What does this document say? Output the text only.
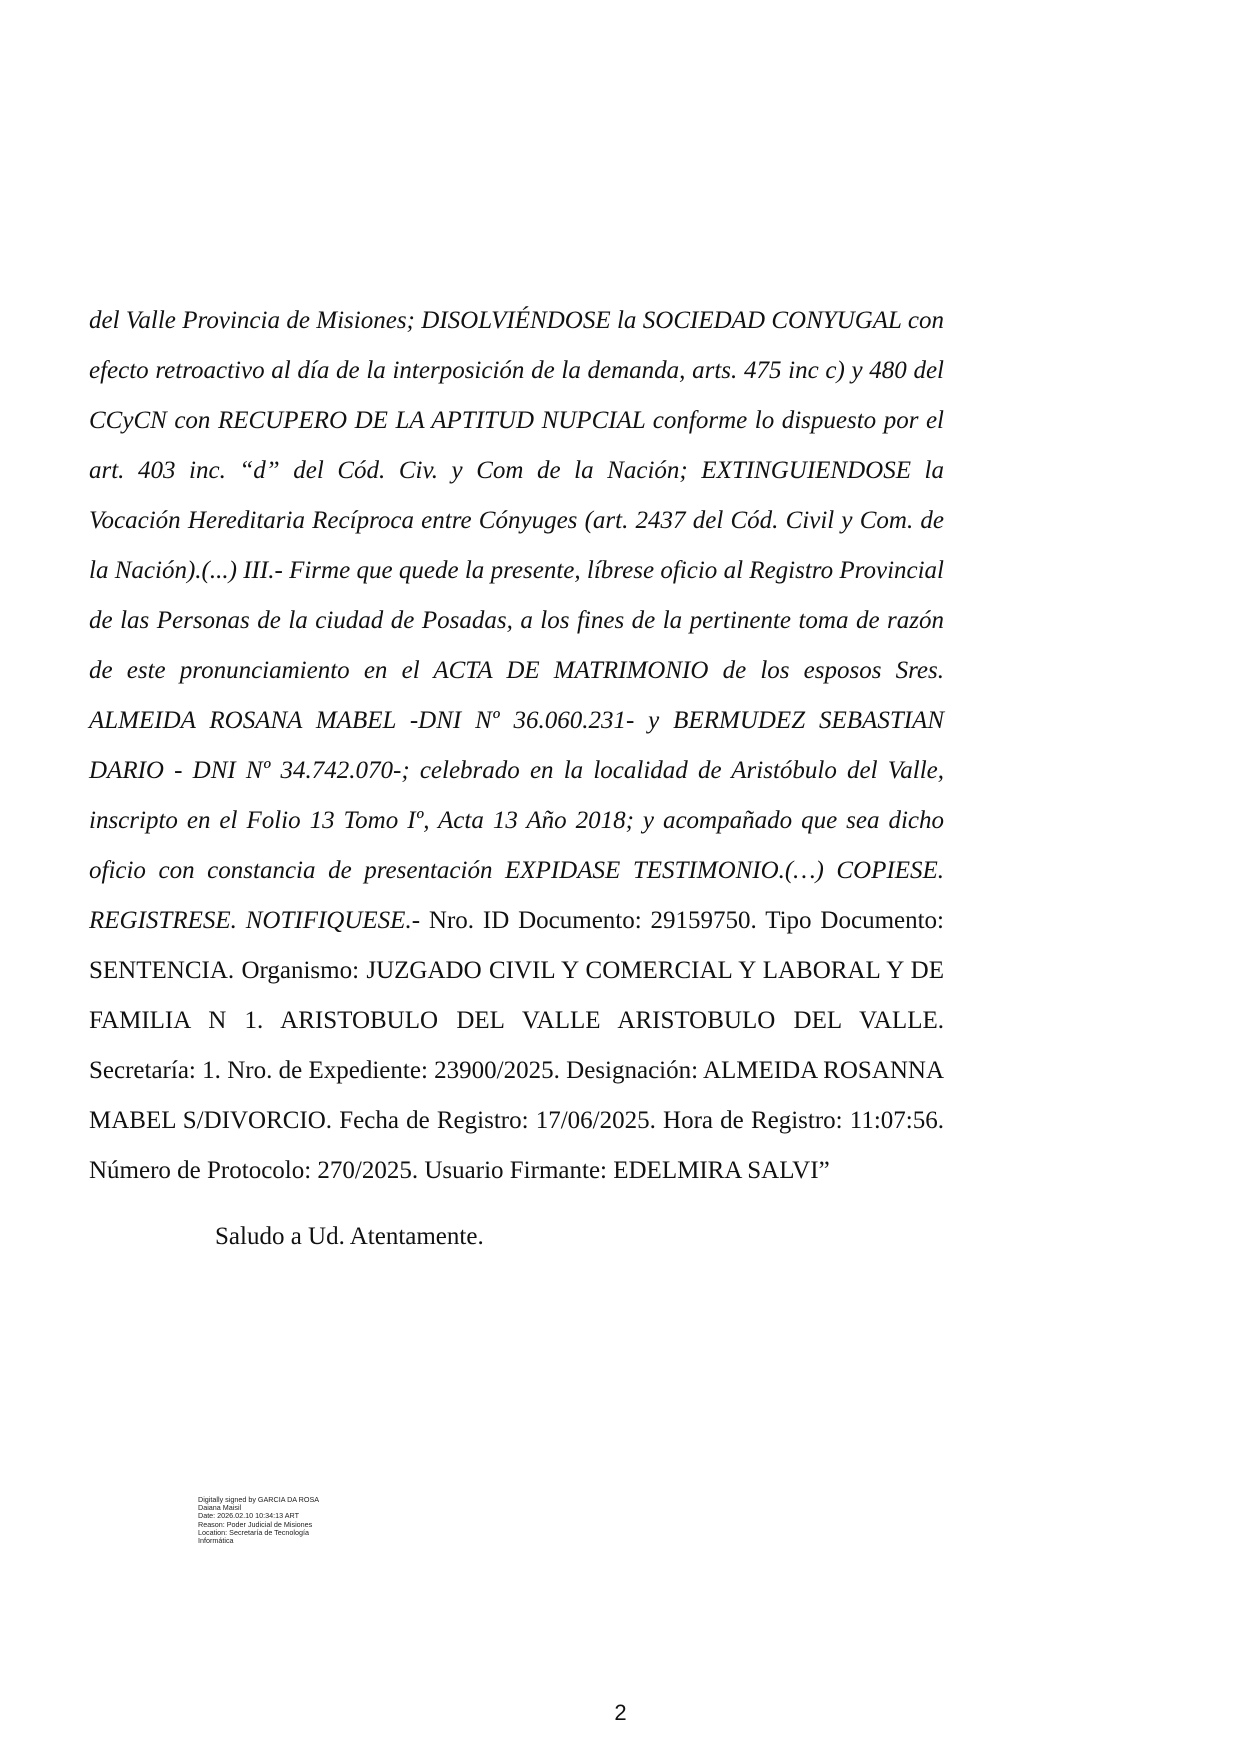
del Valle Provincia de Misiones; DISOLVIÉNDOSE la SOCIEDAD CONYUGAL con efecto retroactivo al día de la interposición de la demanda, arts. 475 inc c) y 480 del CCyCN con RECUPERO DE LA APTITUD NUPCIAL conforme lo dispuesto por el art. 403 inc. “d” del Cód. Civ. y Com de la Nación; EXTINGUIENDOSE la Vocación Hereditaria Recíproca entre Cónyuges (art. 2437 del Cód. Civil y Com. de la Nación).(...) III.- Firme que quede la presente, líbrese oficio al Registro Provincial de las Personas de la ciudad de Posadas, a los fines de la pertinente toma de razón de este pronunciamiento en el ACTA DE MATRIMONIO de los esposos Sres. ALMEIDA ROSANA MABEL -DNI Nº 36.060.231- y BERMUDEZ SEBASTIAN DARIO - DNI Nº 34.742.070-; celebrado en la localidad de Aristóbulo del Valle, inscripto en el Folio 13 Tomo Iº, Acta 13 Año 2018; y acompañado que sea dicho oficio con constancia de presentación EXPIDASE TESTIMONIO.(…) COPIESE. REGISTRESE. NOTIFIQUESE.- Nro. ID Documento: 29159750. Tipo Documento: SENTENCIA. Organismo: JUZGADO CIVIL Y COMERCIAL Y LABORAL Y DE FAMILIA N 1. ARISTOBULO DEL VALLE ARISTOBULO DEL VALLE. Secretaría: 1. Nro. de Expediente: 23900/2025. Designación: ALMEIDA ROSANNA MABEL S/DIVORCIO. Fecha de Registro: 17/06/2025. Hora de Registro: 11:07:56. Número de Protocolo: 270/2025. Usuario Firmante: EDELMIRA SALVI”

Saludo a Ud. Atentamente.
Digitally signed by GARCIA DA ROSA
Daiana Maisil
Date: 2026.02.10 10:34:13 ART
Reason: Poder Judicial de Misiones
Location: Secretaría de Tecnología
Informática
2
